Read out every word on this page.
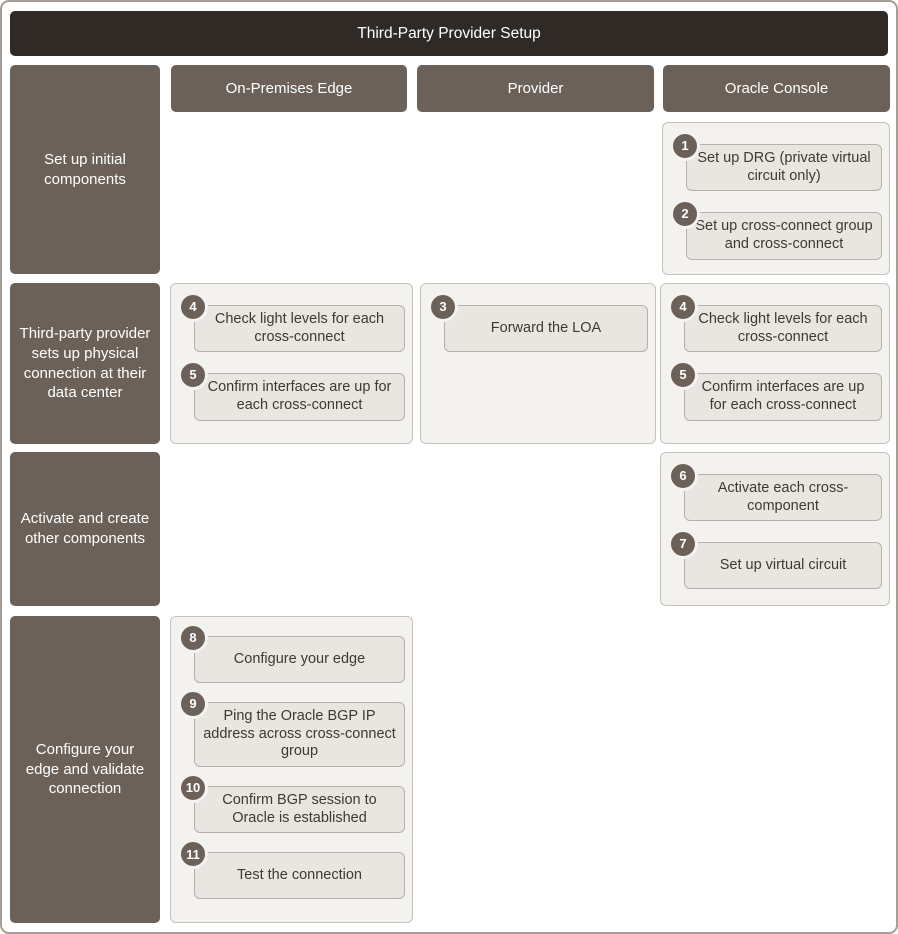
Third-Party Provider Setup
On-Premises Edge	Provider	Oracle Console
Set up initial components
Third-party provider sets up physical connection at their data center
Activate and create other components
Configure your edge and validate connection
1
Set up DRG (private virtual circuit only)
2
Set up cross-connect group and cross-connect
4
Check light levels for each cross-connect
5
Confirm interfaces are up for each cross-connect
3
Forward the LOA
4
Check light levels for each cross-connect
5
Confirm interfaces are up for each cross-connect
6
Activate each cross-component
7
Set up virtual circuit
8
Configure your edge
9
Ping the Oracle BGP IP address across cross-connect group
10
Confirm BGP session to Oracle is established
11
Test the connection
